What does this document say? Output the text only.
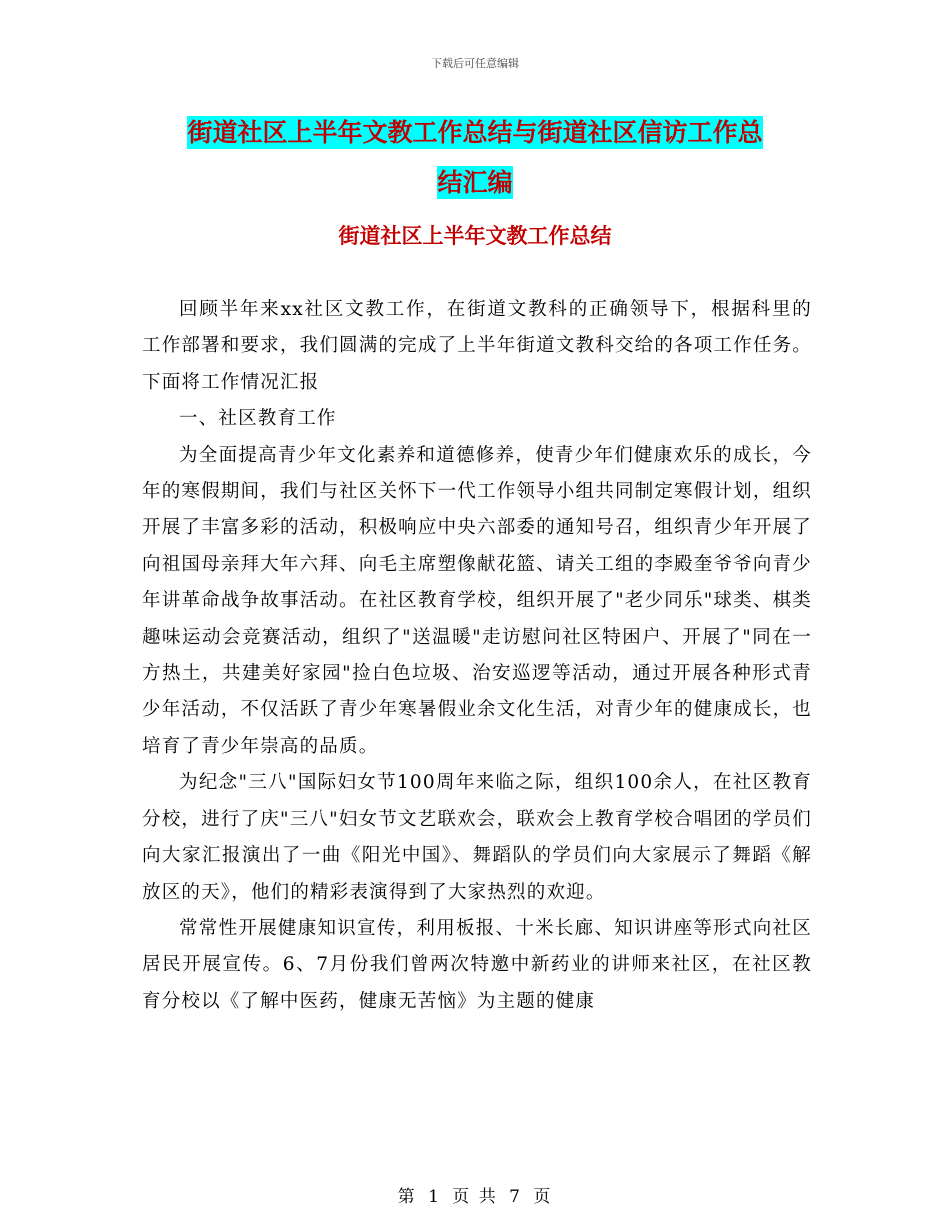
下载后可任意编辑
街道社区上半年文教工作总结与街道社区信访工作总
结汇编
街道社区上半年文教工作总结

回顾半年来xx社区文教工作，在街道文教科的正确领导下，根据科里的工作部署和要求，我们圆满的完成了上半年街道文教科交给的各项工作任务。下面将工作情况汇报

一、社区教育工作

为全面提高青少年文化素养和道德修养，使青少年们健康欢乐的成长，今年的寒假期间，我们与社区关怀下一代工作领导小组共同制定寒假计划，组织开展了丰富多彩的活动，积极响应中央六部委的通知号召，组织青少年开展了向祖国母亲拜大年六拜、向毛主席塑像献花篮、请关工组的李殿奎爷爷向青少年讲革命战争故事活动。在社区教育学校，组织开展了"老少同乐"球类、棋类趣味运动会竞赛活动，组织了"送温暖"走访慰问社区特困户、开展了"同在一方热土，共建美好家园"捡白色垃圾、治安巡逻等活动，通过开展各种形式青少年活动，不仅活跃了青少年寒暑假业余文化生活，对青少年的健康成长，也培育了青少年崇高的品质。

为纪念"三八"国际妇女节100周年来临之际，组织100余人，在社区教育分校，进行了庆"三八"妇女节文艺联欢会，联欢会上教育学校合唱团的学员们向大家汇报演出了一曲《阳光中国》、舞蹈队的学员们向大家展示了舞蹈《解放区的天》，他们的精彩表演得到了大家热烈的欢迎。

常常性开展健康知识宣传，利用板报、十米长廊、知识讲座等形式向社区居民开展宣传。6、7月份我们曾两次特邀中新药业的讲师来社区，在社区教育分校以《了解中医药，健康无苦恼》为主题的健康

第 1 页 共 7 页
